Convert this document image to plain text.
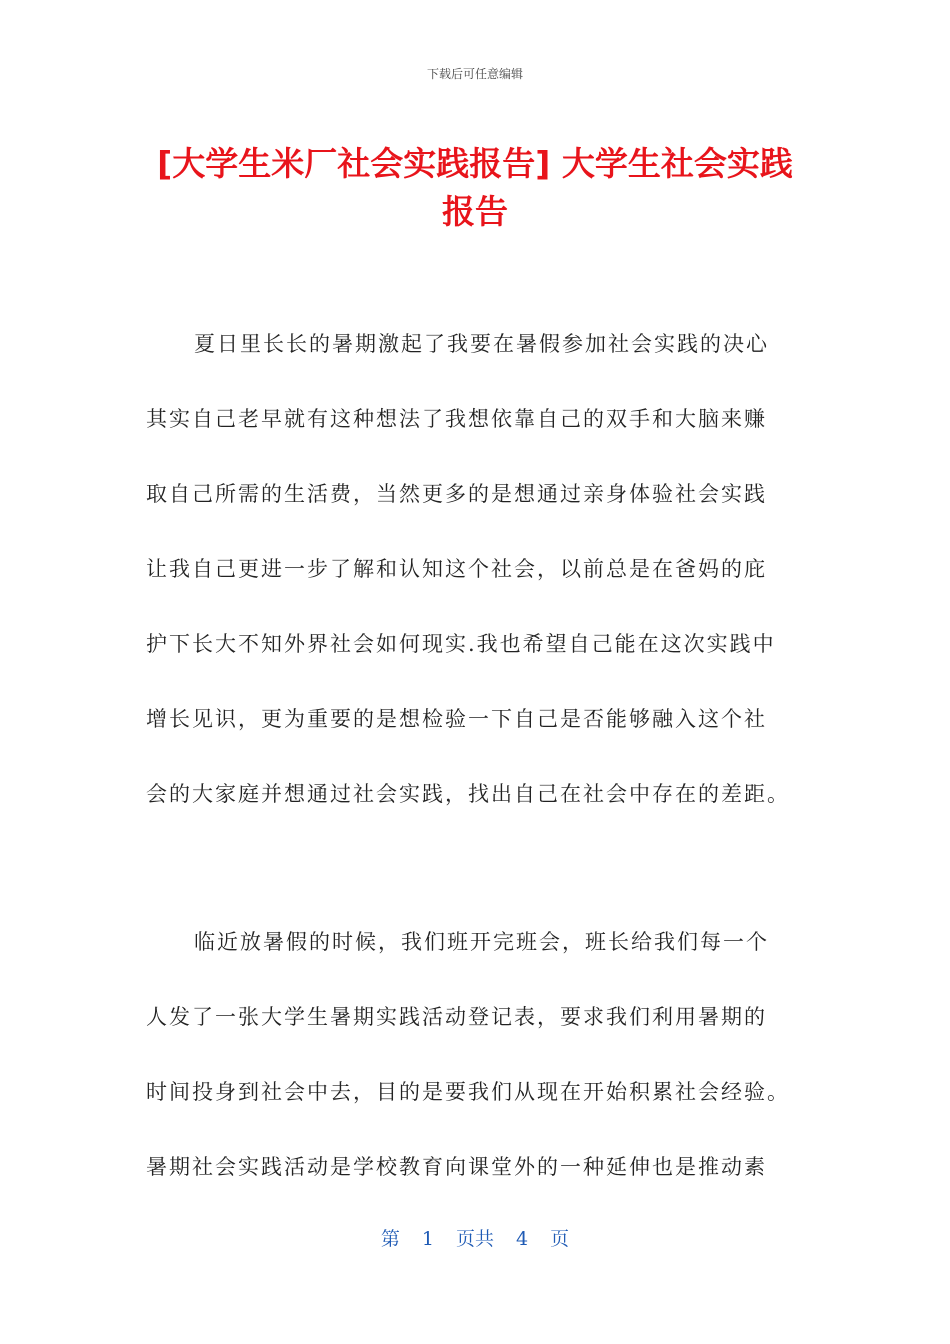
下载后可任意编辑
[大学生米厂社会实践报告] 大学生社会实践
报告
夏日里长长的暑期激起了我要在暑假参加社会实践的决心
其实自己老早就有这种想法了我想依靠自己的双手和大脑来赚
取自己所需的生活费，当然更多的是想通过亲身体验社会实践
让我自己更进一步了解和认知这个社会，以前总是在爸妈的庇
护下长大不知外界社会如何现实.我也希望自己能在这次实践中
增长见识，更为重要的是想检验一下自己是否能够融入这个社
会的大家庭并想通过社会实践，找出自己在社会中存在的差距。
临近放暑假的时候，我们班开完班会，班长给我们每一个
人发了一张大学生暑期实践活动登记表，要求我们利用暑期的
时间投身到社会中去，目的是要我们从现在开始积累社会经验。
暑期社会实践活动是学校教育向课堂外的一种延伸也是推动素
第 1 页共 4 页
